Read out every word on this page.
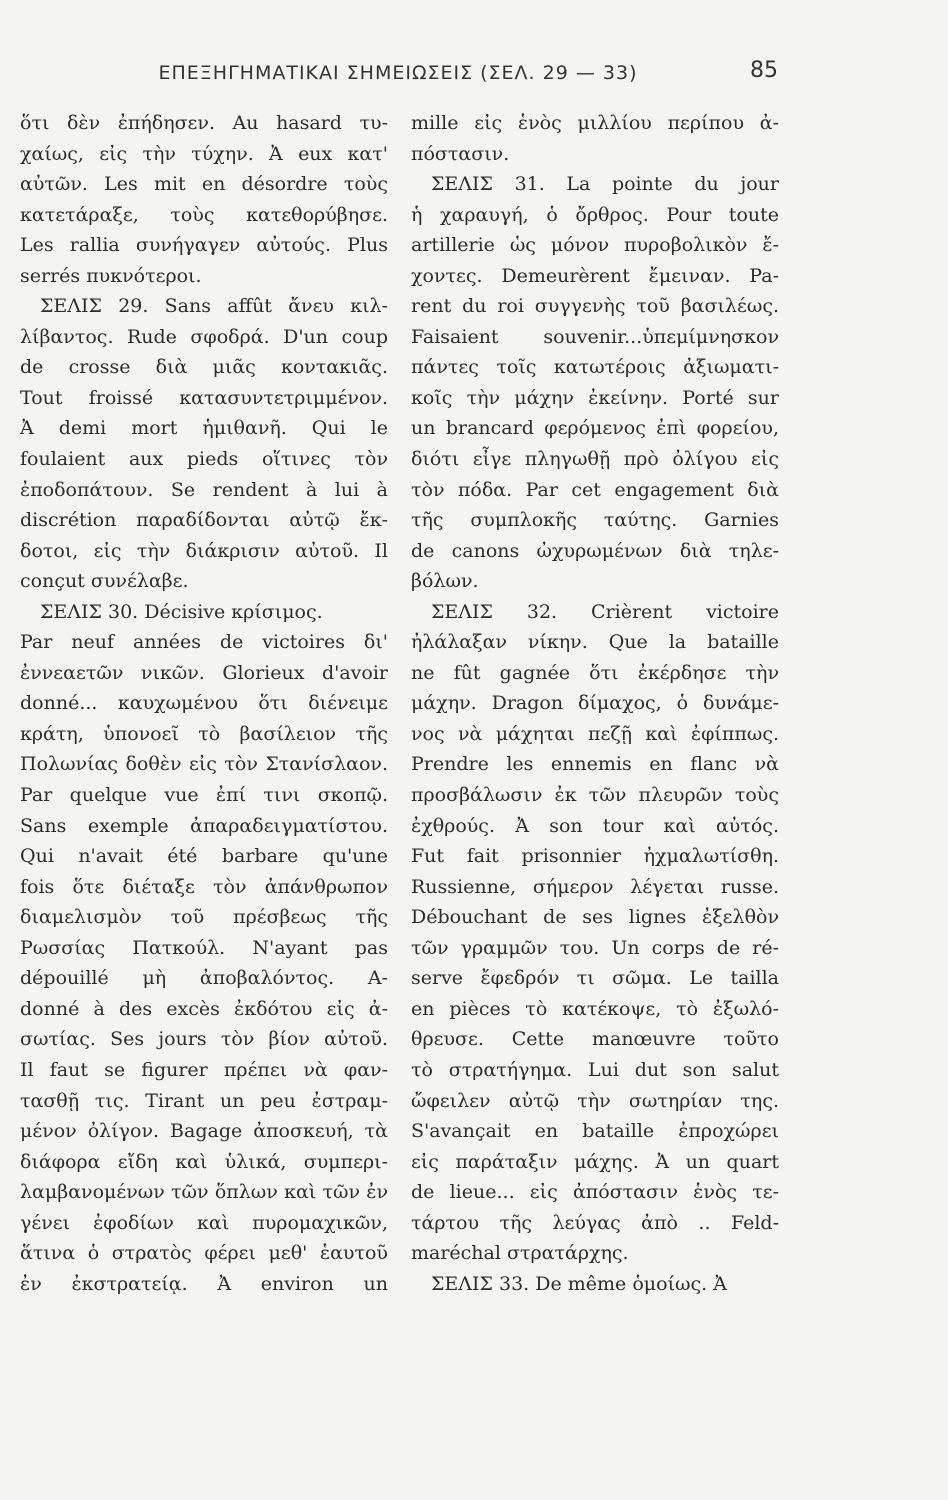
ΕΠΕΞΗΓΗΜΑΤΙΚΑΙ ΣΗΜΕΙΩΣΕΙΣ (ΣΕΛ. 29 — 33)	85
ὅτι δὲν ἐπήδησεν. Au hasard τυ-
χαίως, εἰς τὴν τύχην. Ἀ eux κατ'
αὐτῶν. Les mit en désordre τοὺς
κατετάραξε, τοὺς κατεθορύβησε.
Les rallia συνήγαγεν αὐτούς. Plus
serrés πυκνότεροι.
ΣΕΛΙΣ 29. Sans affût ἄνευ κιλ-
λίβαντος. Rude σφοδρά. D'un coup
de crosse διὰ μιᾶς κοντακιᾶς.
Tout froissé κατασυντετριμμένον.
Ἀ demi mort ἡμιθανῆ. Qui le
foulaient aux pieds οἵτινες τὸν
ἐποδοπάτουν. Se rendent à lui à
discrétion παραδίδονται αὐτῷ ἔκ-
δοτοι, εἰς τὴν διάκρισιν αὐτοῦ. Il
conçut συνέλαβε.
ΣΕΛΙΣ 30. Décisive κρίσιμος.
Par neuf années de victoires δι'
ἐννεαετῶν νικῶν. Glorieux d'avoir
donné... καυχωμένου ὅτι διένειμε
κράτη, ὑπονοεῖ τὸ βασίλειον τῆς
Πολωνίας δοθὲν εἰς τὸν Στανίσλαον.
Par quelque vue ἐπί τινι σκοπῷ.
Sans exemple ἀπαραδειγματίστου.
Qui n'avait été barbare qu'une
fois ὅτε διέταξε τὸν ἀπάνθρωπον
διαμελισμὸν τοῦ πρέσβεως τῆς
Ρωσσίας Πατκούλ. N'ayant pas
dépouillé μὴ ἀποβαλόντος. A-
donné à des excès ἐκδότου εἰς ἀ-
σωτίας. Ses jours τὸν βίον αὐτοῦ.
Il faut se figurer πρέπει νὰ φαν-
τασθῇ τις. Tirant un peu ἐστραμ-
μένον ὀλίγον. Bagage ἀποσκευή, τὰ
διάφορα εἴδη καὶ ὑλικά, συμπερι-
λαμβανομένων τῶν ὅπλων καὶ τῶν ἐν
γένει ἐφοδίων καὶ πυρομαχικῶν,
ἅτινα ὁ στρατὸς φέρει μεθ' ἑαυτοῦ
ἐν ἐκστρατείᾳ. Ἀ environ un
mille εἰς ἑνὸς μιλλίου περίπου ἀ-
πόστασιν.
ΣΕΛΙΣ 31. La pointe du jour
ἡ χαραυγή, ὁ ὄρθρος. Pour toute
artillerie ὡς μόνον πυροβολικὸν ἔ-
χοντες. Demeurèrent ἔμειναν. Pa-
rent du roi συγγενὴς τοῦ βασιλέως.
Faisaient souvenir...ὑπεμίμνησκον
πάντες τοῖς κατωτέροις ἀξιωματι-
κοῖς τὴν μάχην ἐκείνην. Porté sur
un brancard φερόμενος ἐπὶ φορείου,
διότι εἶγε πληγωθῇ πρὸ ὀλίγου εἰς
τὸν πόδα. Par cet engagement διὰ
τῆς συμπλοκῆς ταύτης. Garnies
de canons ὠχυρωμένων διὰ τηλε-
βόλων.
ΣΕΛΙΣ 32. Crièrent victoire
ἠλάλαξαν νίκην. Que la bataille
ne fût gagnée ὅτι ἐκέρδησε τὴν
μάχην. Dragon δίμαχος, ὁ δυνάμε-
νος νὰ μάχηται πεζῇ καὶ ἐφίππως.
Prendre les ennemis en flanc νὰ
προσβάλωσιν ἐκ τῶν πλευρῶν τοὺς
ἐχθρούς. Ἀ son tour καὶ αὐτός.
Fut fait prisonnier ἠχμαλωτίσθη.
Russienne, σήμερον λέγεται russe.
Débouchant de ses lignes ἐξελθὸν
τῶν γραμμῶν του. Un corps de ré-
serve ἔφεδρόν τι σῶμα. Le tailla
en pièces τὸ κατέκοψε, τὸ ἐξωλό-
θρευσε. Cette manœuvre τοῦτο
τὸ στρατήγημα. Lui dut son salut
ὤφειλεν αὐτῷ τὴν σωτηρίαν της.
S'avançait en bataille ἐπροχώρει
εἰς παράταξιν μάχης. Ἀ un quart
de lieue... εἰς ἀπόστασιν ἑνὸς τε-
τάρτου τῆς λεύγας ἀπὸ .. Feld-
maréchal στρατάρχης.
ΣΕΛΙΣ 33. De même ὁμοίως. Ἀ
